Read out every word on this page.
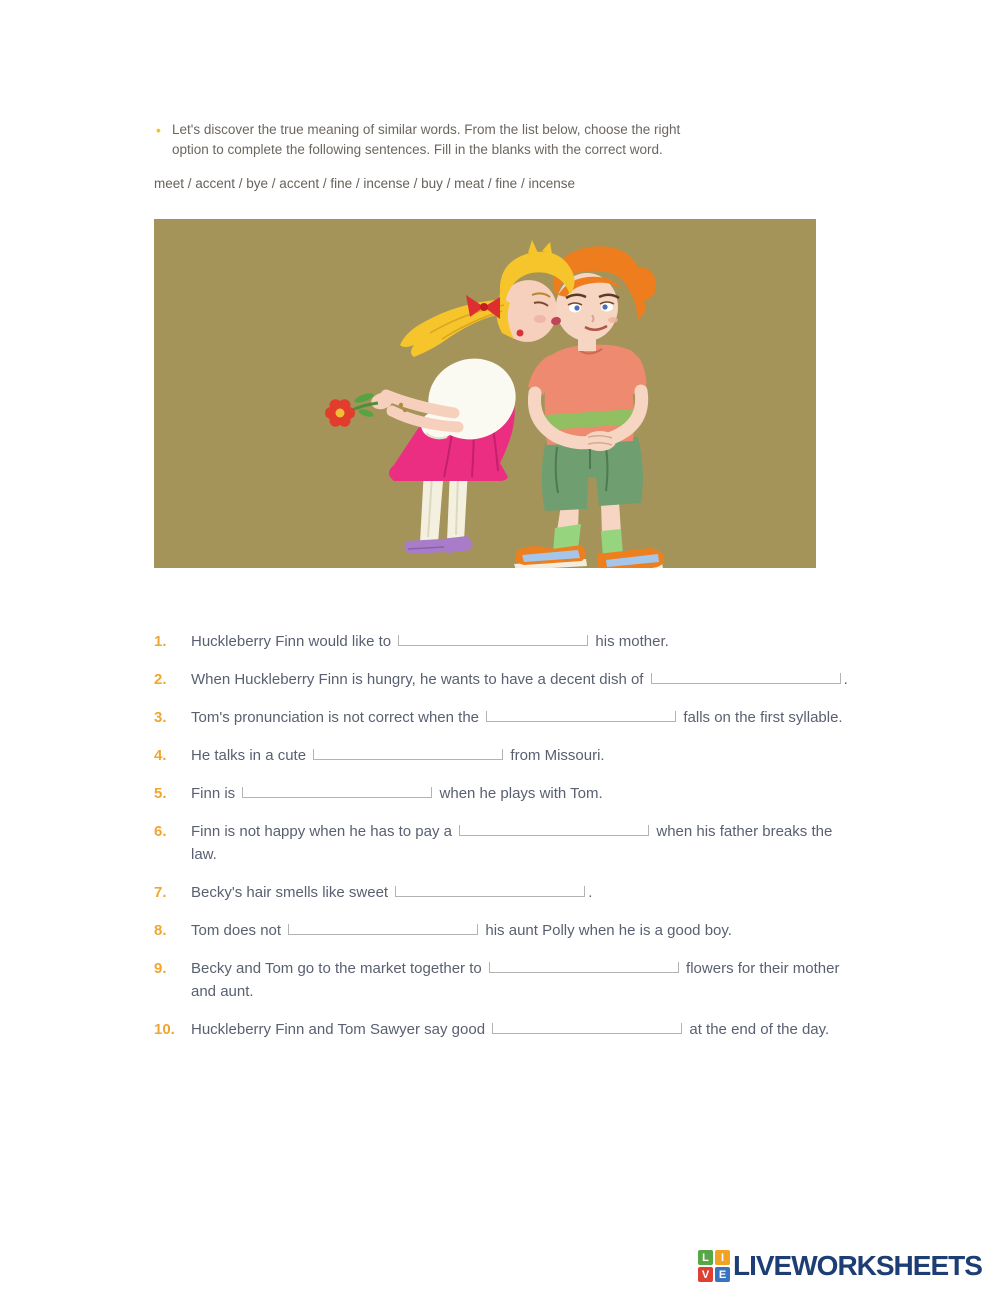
• Let's discover the true meaning of similar words. From the list below, choose the right
option to complete the following sentences. Fill in the blanks with the correct word.
meet / accent / bye / accent / fine / incense / buy / meat / fine / incense
1.	Huckleberry Finn would like to	his mother.
2.	When Huckleberry Finn is hungry, he wants to have a decent dish of	.
3.	Tom's pronunciation is not correct when the	falls on the first syllable.
4.	He talks in a cute	from Missouri.
5.	Finn is	when he plays with Tom.
6.	Finn is not happy when he has to pay a	when his father breaks the law.
7.	Becky's hair smells like sweet	.
8.	Tom does not	his aunt Polly when he is a good boy.
9.	Becky and Tom go to the market together to	flowers for their mother and aunt.
10.	Huckleberry Finn and Tom Sawyer say good	at the end of the day.
L	I
V E LIVEWORKSHEETS
